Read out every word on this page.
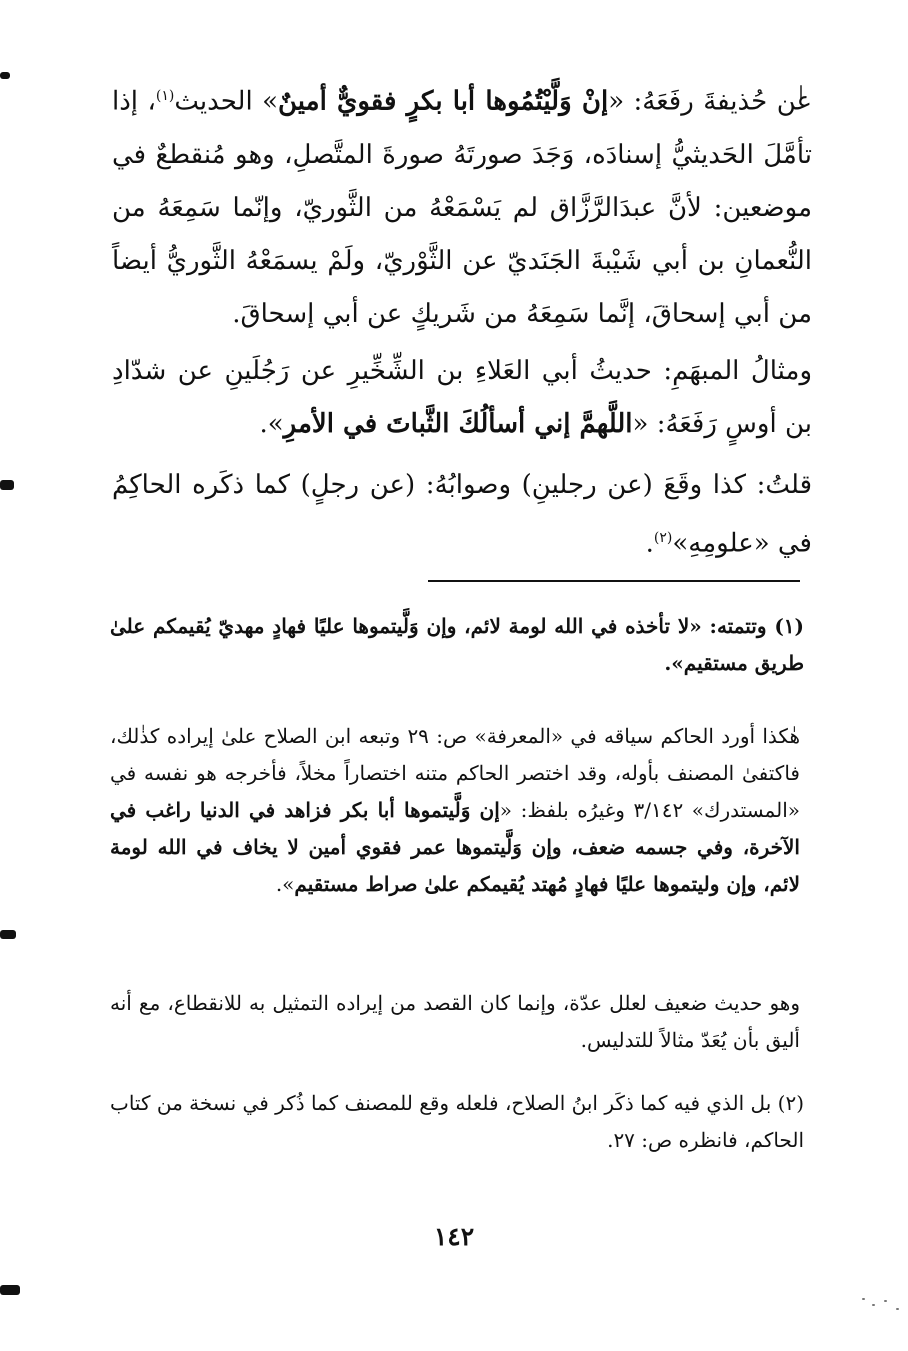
عن حُذيفةَ رفَعَهُ: «إنْ وَلَّيْتُمُوها أبا بكرٍ فقويٌّ أمينٌ» الحديث$^{(١)}$، إذا تأمَّلَ الحَديثيُّ إسنادَه، وَجَدَ صورتَهُ صورةَ المتَّصلِ، وهو مُنقطعٌ في موضعين: لأنَّ عبدَالرَّزَّاق لم يَسْمَعْهُ من الثَّوريّ، وإنّما سَمِعَهُ من النُّعمانِ بن أبي شَيْبةَ الجَنَديّ عن الثَّوْريّ، ولَمْ يسمَعْهُ الثَّوريُّ أيضاً من أبي إسحاقَ، إنَّما سَمِعَهُ من شَريكٍ عن أبي إسحاقَ.

ومثالُ المبهَمِ: حديثُ أبي العَلاءِ بن الشِّخِّيرِ عن رَجُلَينِ عن شدّادِ بن أوسٍ رَفَعَهُ: «اللَّهمَّ إني أسألُكَ الثَّباتَ في الأمرِ».

قلتُ: كذا وقَعَ (عن رجلينِ) وصوابُهُ: (عن رجلٍ) كما ذكَره الحاكِمُ في «علومِهِ»$^{(٢)}$.

(١) وتتمته: «لا تأخذه في الله لومة لائم، وإن وَلَّيتموها عليًا فهادٍ مهديّ يُقيمكم علىٰ طريق مستقيم».

هٰكذا أورد الحاكم سياقه في «المعرفة» ص: ٢٩ وتبعه ابن الصلاح علىٰ إيراده كذٰلك، فاكتفىٰ المصنف بأوله، وقد اختصر الحاكم متنه اختصاراً مخلاً، فأخرجه هو نفسه في «المستدرك» ٣/١٤٢ وغيرُه بلفظ: «إن وَلَّيتموها أبا بكر فزاهد في الدنيا راغب في الآخرة، وفي جسمه ضعف، وإن وَلَّيتموها عمر فقوي أمين لا يخاف في الله لومة لائم، وإن وليتموها عليًا فهادٍ مُهتد يُقيمكم علىٰ صراط مستقيم».

وهو حديث ضعيف لعلل عدّة، وإنما كان القصد من إيراده التمثيل به للانقطاع، مع أنه أليق بأن يُعَدّ مثالاً للتدليس.

(٢) بل الذي فيه كما ذكَر ابنُ الصلاح، فلعله وقع للمصنف كما ذُكر في نسخة من كتاب الحاكم، فانظره ص: ٢٧.

١٤٢
